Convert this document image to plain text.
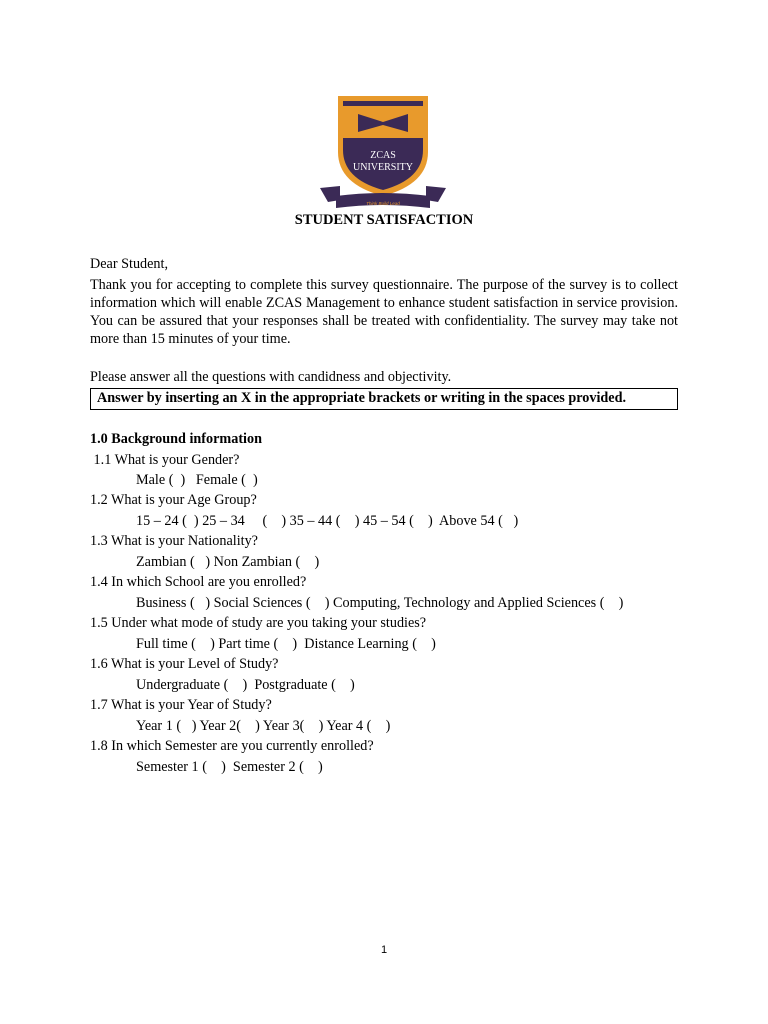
ZCAS
UNIVERSITY
Think Build Lead
STUDENT SATISFACTION
Dear Student,

Thank you for accepting to complete this survey questionnaire. The purpose of the survey is to collect information which will enable ZCAS Management to enhance student satisfaction in service provision. You can be assured that your responses shall be treated with confidentiality. The survey may take not more than 15 minutes of your time.

Please answer all the questions with candidness and objectivity.
Answer by inserting an X in the appropriate brackets or writing in the spaces provided.
1.0 Background information
1.1 What is your Gender?
Male (  )   Female (  )
1.2 What is your Age Group?
15 – 24 (  ) 25 – 34     (    ) 35 – 44 (    ) 45 – 54 (    )  Above 54 (   )
1.3 What is your Nationality?
Zambian (   ) Non Zambian (    )
1.4 In which School are you enrolled?
Business (   ) Social Sciences (    ) Computing, Technology and Applied Sciences (    )
1.5 Under what mode of study are you taking your studies?
Full time (    ) Part time (    )  Distance Learning (    )
1.6 What is your Level of Study?
Undergraduate (    )  Postgraduate (    )
1.7 What is your Year of Study?
Year 1 (   ) Year 2(    ) Year 3(    ) Year 4 (    )
1.8 In which Semester are you currently enrolled?
Semester 1 (    )  Semester 2 (    )
1
